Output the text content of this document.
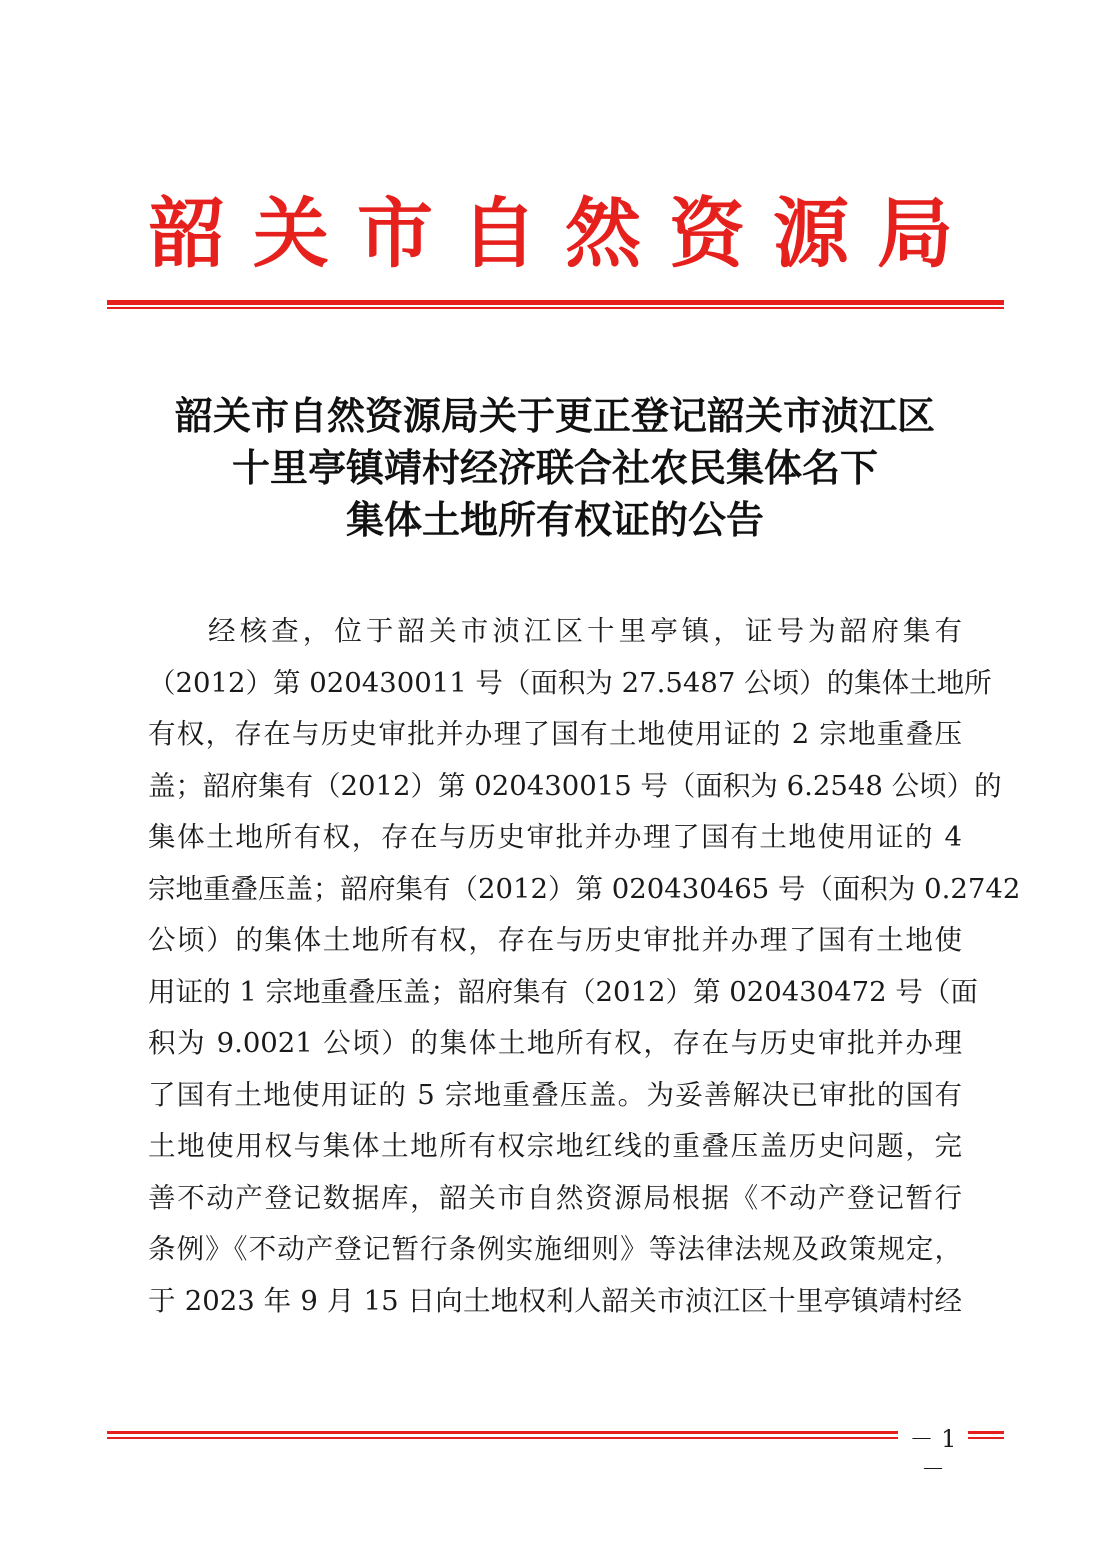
韶关市自然资源局
韶关市自然资源局关于更正登记韶关市浈江区
十里亭镇靖村经济联合社农民集体名下
集体土地所有权证的公告
经核查，位于韶关市浈江区十里亭镇，证号为韶府集有
（2012）第 020430011 号（面积为 27.5487 公顷）的集体土地所
有权，存在与历史审批并办理了国有土地使用证的 2 宗地重叠压
盖；韶府集有（2012）第 020430015 号（面积为 6.2548 公顷）的
集体土地所有权，存在与历史审批并办理了国有土地使用证的 4
宗地重叠压盖；韶府集有（2012）第 020430465 号（面积为 0.2742
公顷）的集体土地所有权，存在与历史审批并办理了国有土地使
用证的 1 宗地重叠压盖；韶府集有（2012）第 020430472 号（面
积为 9.0021 公顷）的集体土地所有权，存在与历史审批并办理
了国有土地使用证的 5 宗地重叠压盖。为妥善解决已审批的国有
土地使用权与集体土地所有权宗地红线的重叠压盖历史问题，完
善不动产登记数据库，韶关市自然资源局根据《不动产登记暂行
条例》《不动产登记暂行条例实施细则》等法律法规及政策规定，
于 2023 年 9 月 15 日向土地权利人韶关市浈江区十里亭镇靖村经
－ 1 －
